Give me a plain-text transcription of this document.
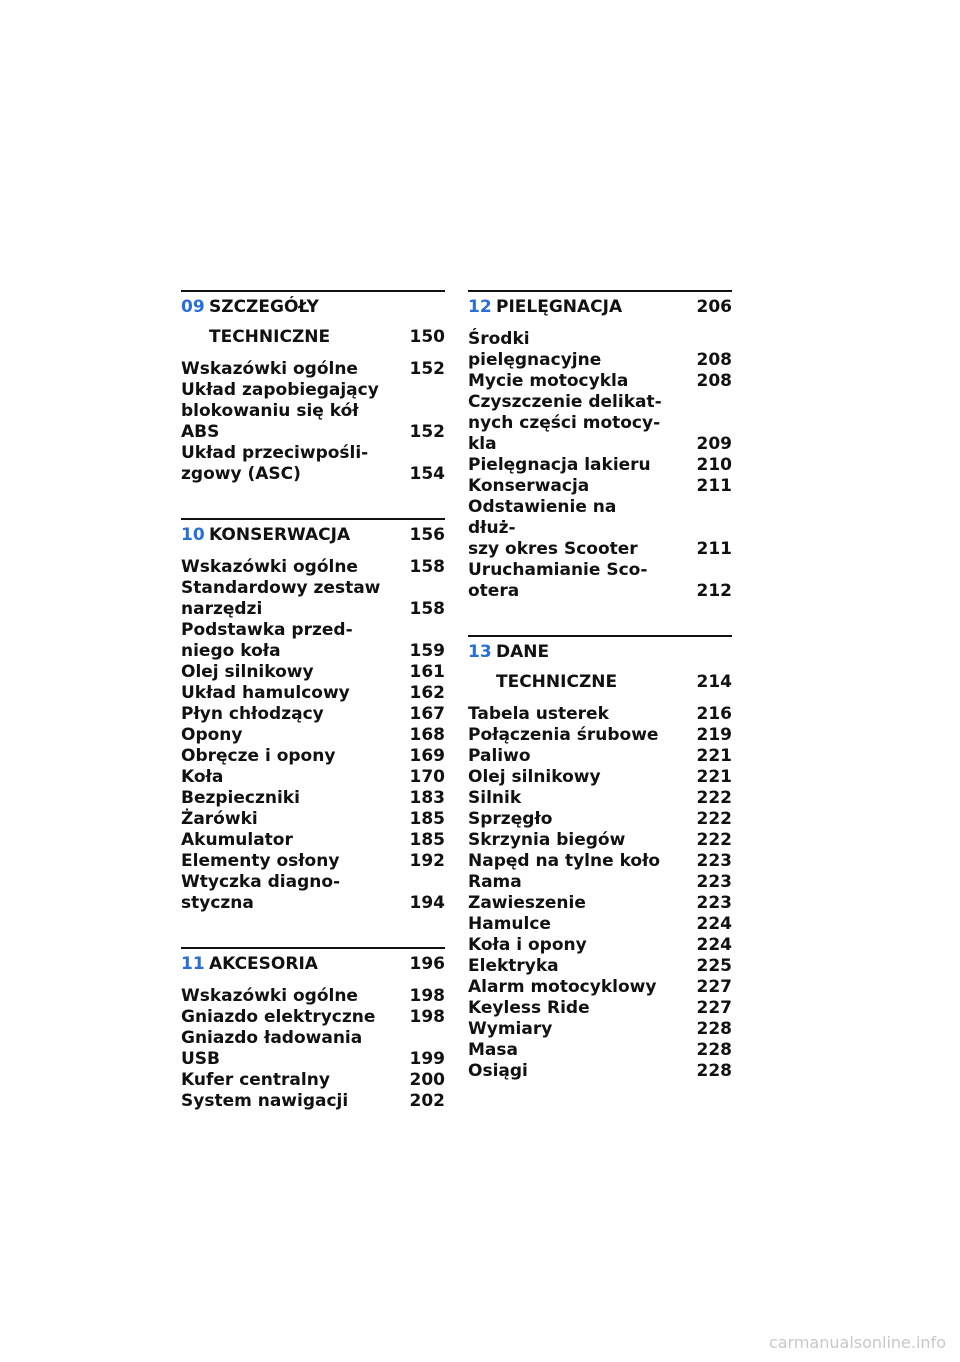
09 SZCZEGÓŁY
TECHNICZNE	150
Wskazówki ogólne	152
Układ zapobiegający
blokowaniu się kół
ABS	152
Układ przeciwpośli-
zgowy (ASC)	154
10 KONSERWACJA	156
Wskazówki ogólne	158
Standardowy zestaw
narzędzi	158
Podstawka przed-
niego koła	159
Olej silnikowy	161
Układ hamulcowy	162
Płyn chłodzący	167
Opony	168
Obręcze i opony	169
Koła	170
Bezpieczniki	183
Żarówki	185
Akumulator	185
Elementy osłony	192
Wtyczka diagno-
styczna	194
11 AKCESORIA	196
Wskazówki ogólne	198
Gniazdo elektryczne 198
Gniazdo ładowania
USB	199
Kufer centralny	200
System nawigacji	202
12 PIELĘGNACJA	206
Środki pielęgnacyjne	208
Mycie motocykla	208
Czyszczenie delikat-
nych części motocy-
kla	209
Pielęgnacja lakieru	210
Konserwacja	211
Odstawienie na dłuż-
szy okres Scooter	211
Uruchamianie Sco-
otera	212
13 DANE
TECHNICZNE	214
Tabela usterek	216
Połączenia śrubowe 219
Paliwo	221
Olej silnikowy	221
Silnik	222
Sprzęgło	222
Skrzynia biegów	222
Napęd na tylne koło 223
Rama	223
Zawieszenie	223
Hamulce	224
Koła i opony	224
Elektryka	225
Alarm motocyklowy 227
Keyless Ride	227
Wymiary	228
Masa	228
Osiągi	228
carmanualsonline.info
